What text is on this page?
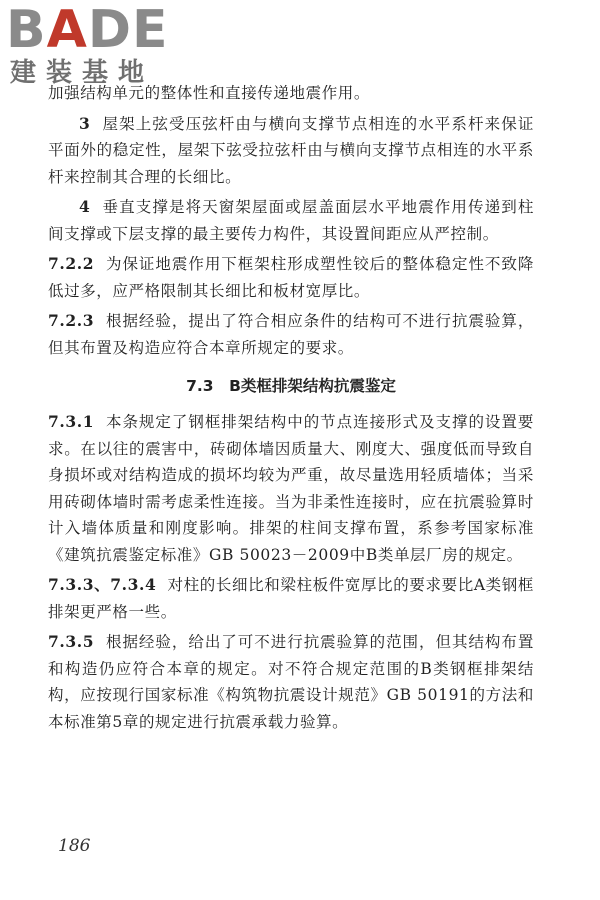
BADE
建装基地

加强结构单元的整体性和直接传递地震作用。

3 屋架上弦受压弦杆由与横向支撑节点相连的水平系杆来保证平面外的稳定性，屋架下弦受拉弦杆由与横向支撑节点相连的水平系杆来控制其合理的长细比。

4 垂直支撑是将天窗架屋面或屋盖面层水平地震作用传递到柱间支撑或下层支撑的最主要传力构件，其设置间距应从严控制。

7.2.2 为保证地震作用下框架柱形成塑性铰后的整体稳定性不致降低过多，应严格限制其长细比和板材宽厚比。

7.2.3 根据经验，提出了符合相应条件的结构可不进行抗震验算，但其布置及构造应符合本章所规定的要求。

7.3　B类框排架结构抗震鉴定

7.3.1 本条规定了钢框排架结构中的节点连接形式及支撑的设置要求。在以往的震害中，砖砌体墙因质量大、刚度大、强度低而导致自身损坏或对结构造成的损坏均较为严重，故尽量选用轻质墙体；当采用砖砌体墙时需考虑柔性连接。当为非柔性连接时，应在抗震验算时计入墙体质量和刚度影响。排架的柱间支撑布置，系参考国家标准《建筑抗震鉴定标准》GB 50023－2009中B类单层厂房的规定。

7.3.3、7.3.4 对柱的长细比和梁柱板件宽厚比的要求要比A类钢框排架更严格一些。

7.3.5 根据经验，给出了可不进行抗震验算的范围，但其结构布置和构造仍应符合本章的规定。对不符合规定范围的B类钢框排架结构，应按现行国家标准《构筑物抗震设计规范》GB 50191的方法和本标准第5章的规定进行抗震承载力验算。

186
